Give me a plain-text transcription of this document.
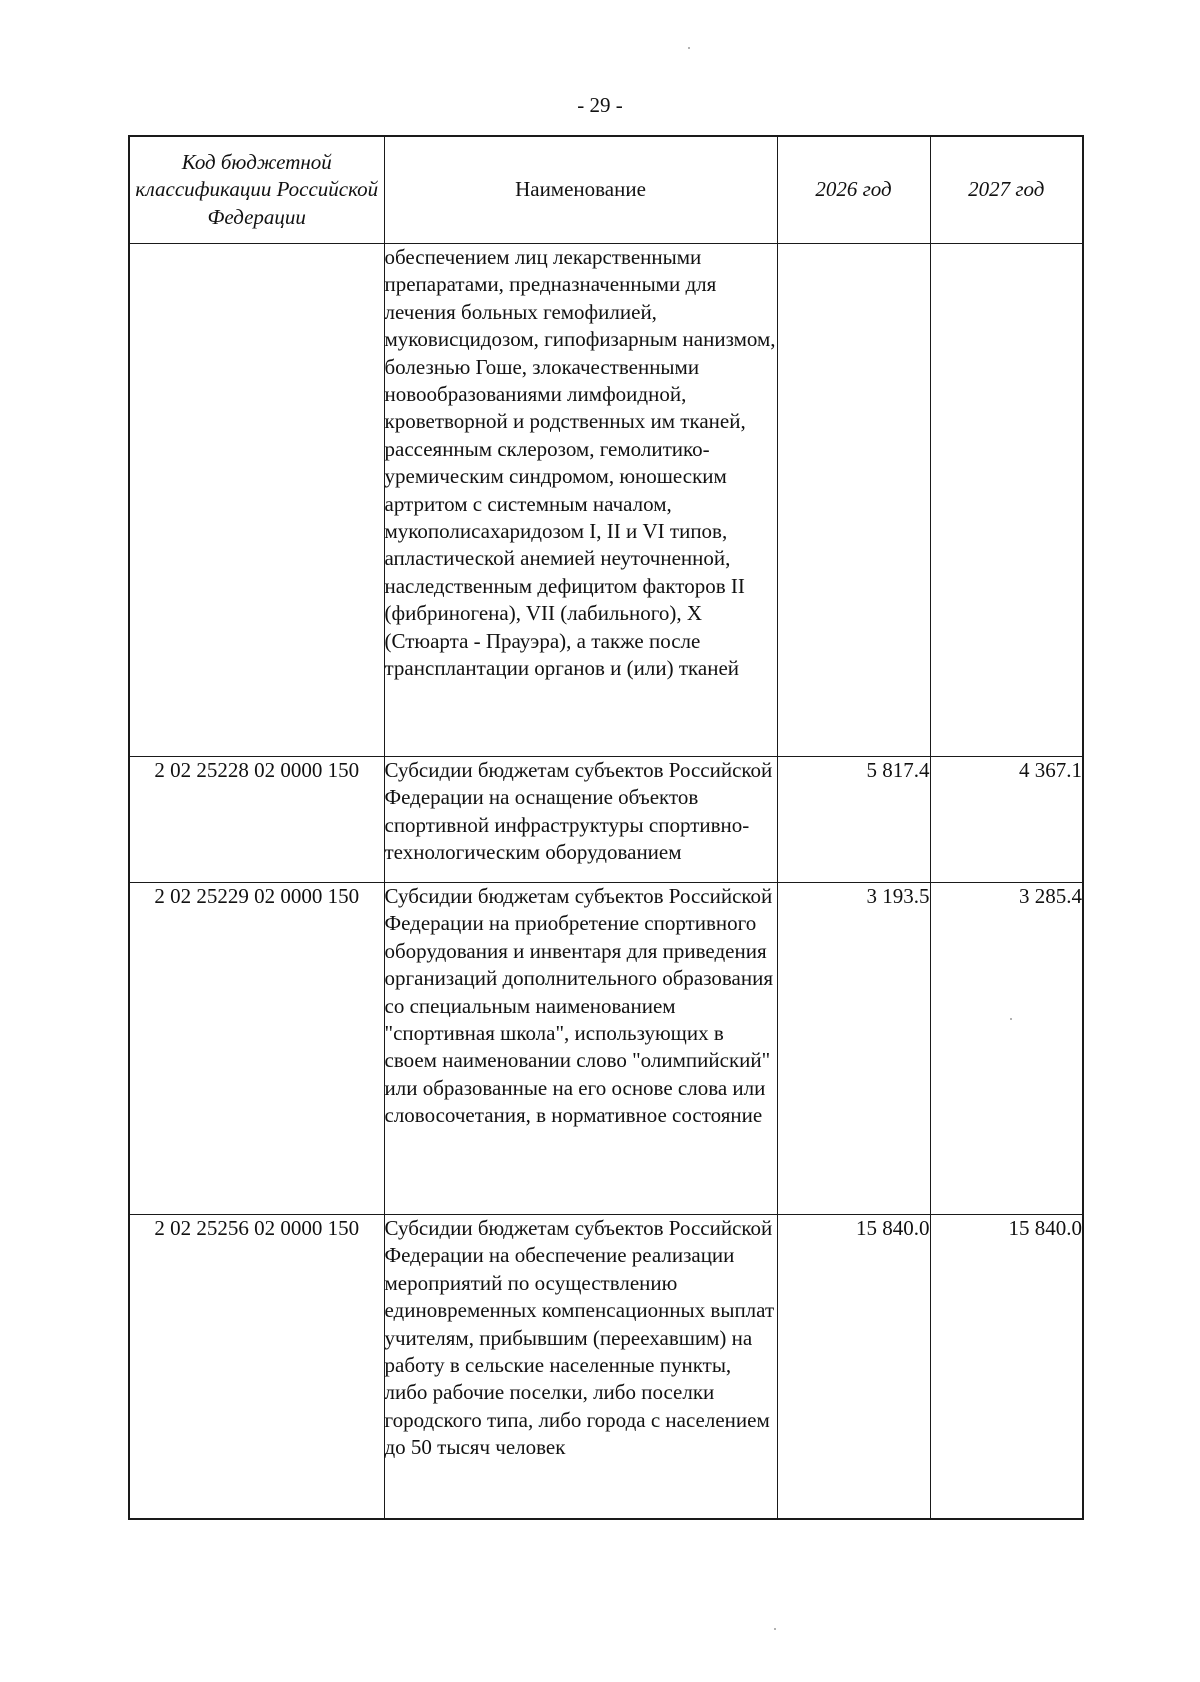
- 29 -
Код бюджетной классификации Российской Федерации	Наименование	2026 год	2027 год
	обеспечением лиц лекарственными препаратами, предназначенными для лечения больных гемофилией, муковисцидозом, гипофизарным нанизмом, болезнью Гоше, злокачественными новообразованиями лимфоидной, кроветворной и родственных им тканей, рассеянным склерозом, гемолитико-уремическим синдромом, юношеским артритом с системным началом, мукополисахаридозом I, II и VI типов, апластической анемией неуточненной, наследственным дефицитом факторов II (фибриногена), VII (лабильного), X (Стюарта - Прауэра), а также после трансплантации органов и (или) тканей		
2 02 25228 02 0000 150	Субсидии бюджетам субъектов Российской Федерации на оснащение объектов спортивной инфраструктуры спортивно-технологическим оборудованием	5 817.4	4 367.1
2 02 25229 02 0000 150	Субсидии бюджетам субъектов Российской Федерации на приобретение спортивного оборудования и инвентаря для приведения организаций дополнительного образования со специальным наименованием "спортивная школа", использующих в своем наименовании слово "олимпийский" или образованные на его основе слова или словосочетания, в нормативное состояние	3 193.5	3 285.4
2 02 25256 02 0000 150	Субсидии бюджетам субъектов Российской Федерации на обеспечение реализации мероприятий по осуществлению единовременных компенсационных выплат учителям, прибывшим (переехавшим) на работу в сельские населенные пункты, либо рабочие поселки, либо поселки городского типа, либо города с населением до 50 тысяч человек	15 840.0	15 840.0
